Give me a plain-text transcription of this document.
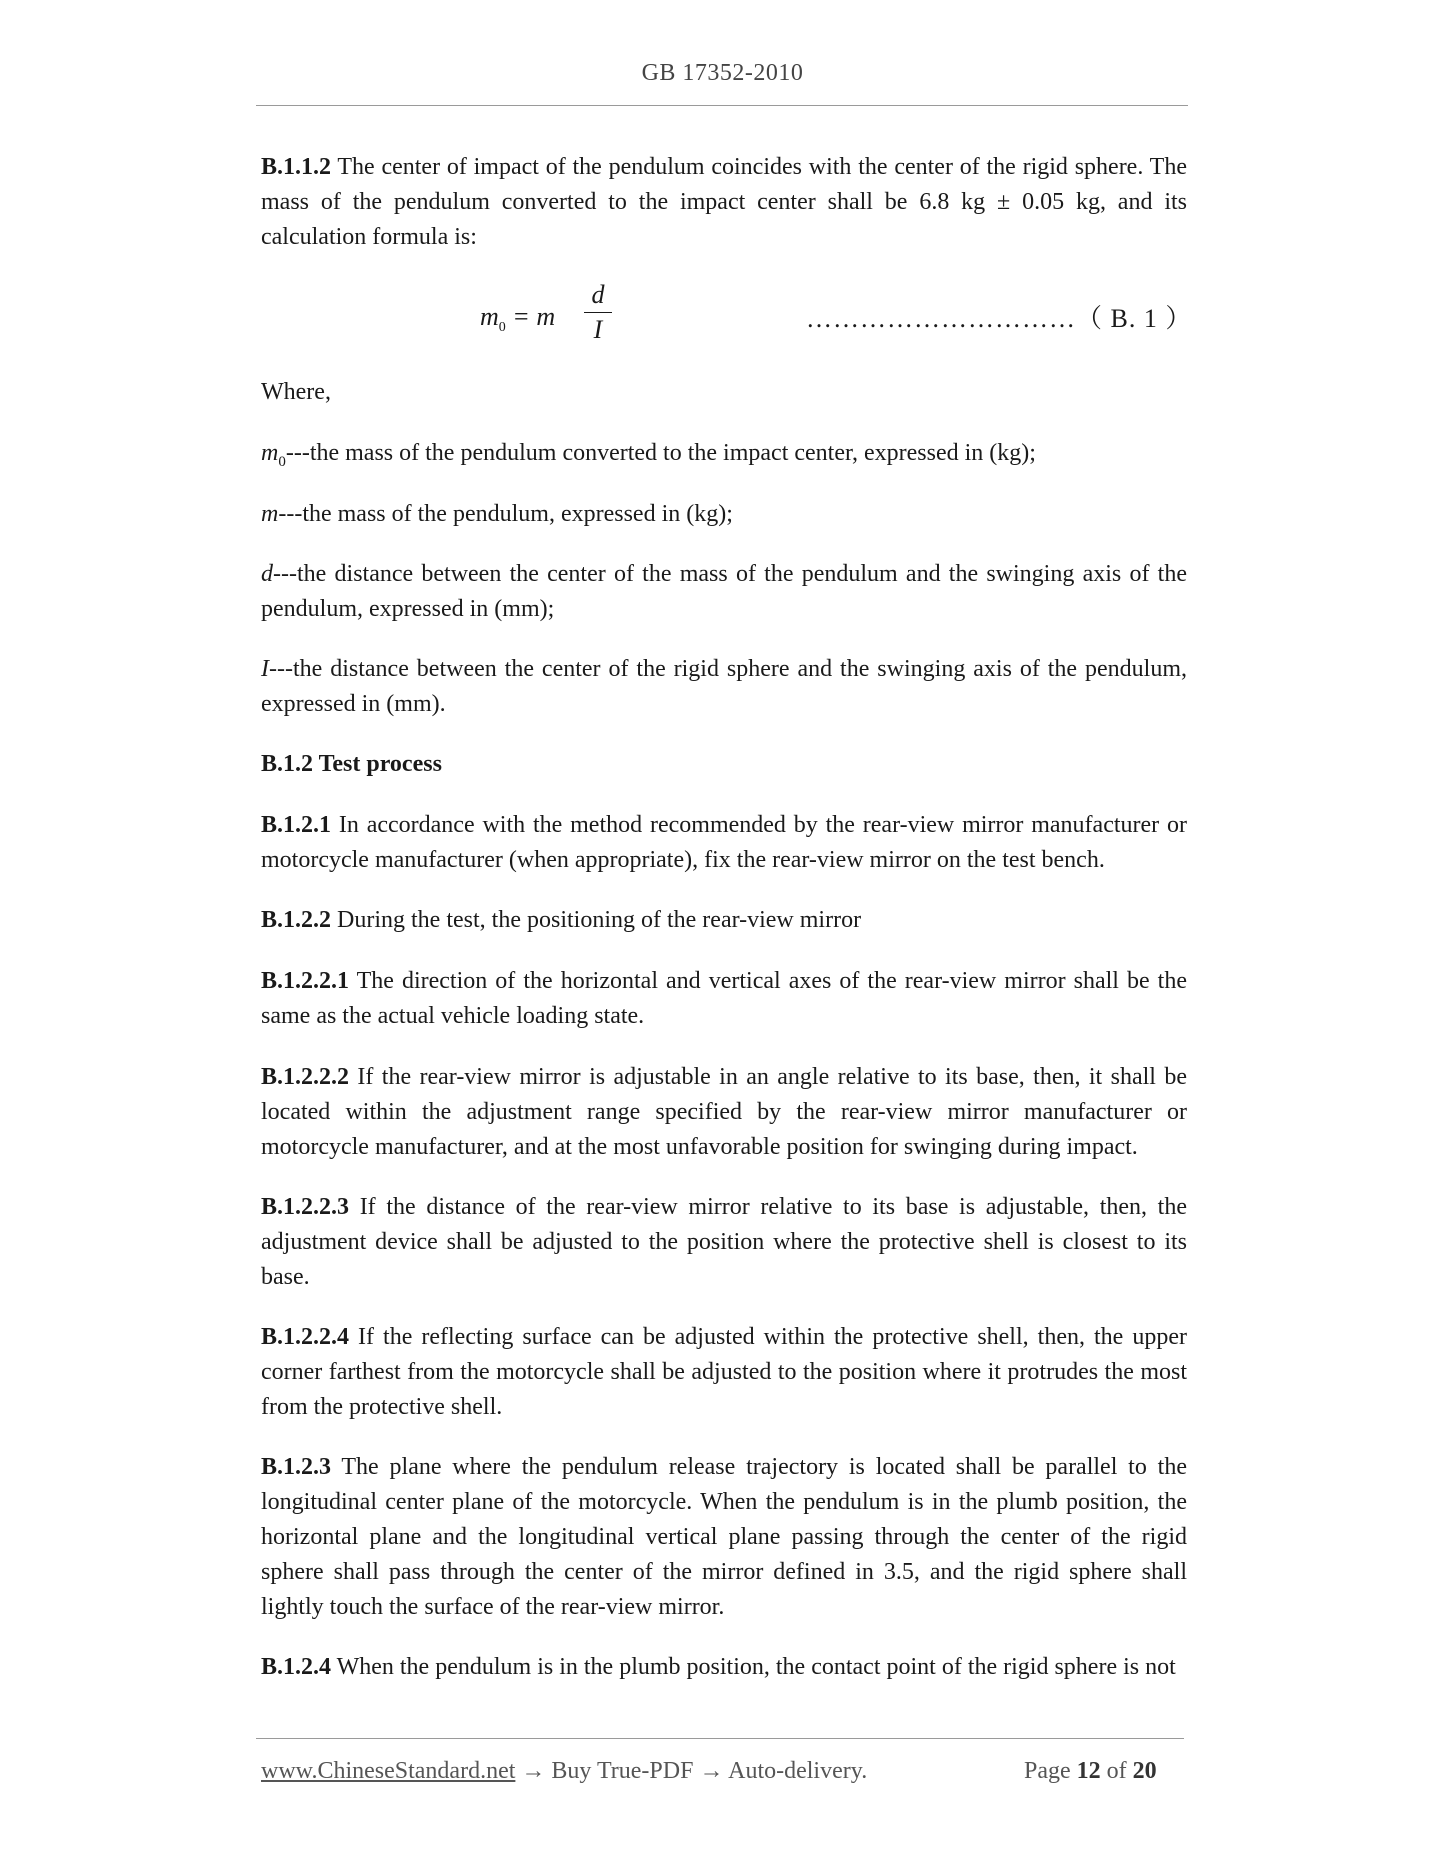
GB 17352-2010

B.1.1.2 The center of impact of the pendulum coincides with the center of the rigid sphere. The mass of the pendulum converted to the impact center shall be 6.8 kg ± 0.05 kg, and its calculation formula is:

$m_0 = m$
d
I	…………………………（ B. 1 ）

Where,

$m_0--$-the mass of the pendulum converted to the impact center, expressed in (kg);

m---the mass of the pendulum, expressed in (kg);

d---the distance between the center of the mass of the pendulum and the swinging axis of the pendulum, expressed in (mm);

I---the distance between the center of the rigid sphere and the swinging axis of the pendulum, expressed in (mm).

B.1.2 Test process

B.1.2.1 In accordance with the method recommended by the rear-view mirror manufacturer or motorcycle manufacturer (when appropriate), fix the rear-view mirror on the test bench.

B.1.2.2 During the test, the positioning of the rear-view mirror

B.1.2.2.1 The direction of the horizontal and vertical axes of the rear-view mirror shall be the same as the actual vehicle loading state.

B.1.2.2.2 If the rear-view mirror is adjustable in an angle relative to its base, then, it shall be located within the adjustment range specified by the rear-view mirror manufacturer or motorcycle manufacturer, and at the most unfavorable position for swinging during impact.

B.1.2.2.3 If the distance of the rear-view mirror relative to its base is adjustable, then, the adjustment device shall be adjusted to the position where the protective shell is closest to its base.

B.1.2.2.4 If the reflecting surface can be adjusted within the protective shell, then, the upper corner farthest from the motorcycle shall be adjusted to the position where it protrudes the most from the protective shell.

B.1.2.3 The plane where the pendulum release trajectory is located shall be parallel to the longitudinal center plane of the motorcycle. When the pendulum is in the plumb position, the horizontal plane and the longitudinal vertical plane passing through the center of the rigid sphere shall pass through the center of the mirror defined in 3.5, and the rigid sphere shall lightly touch the surface of the rear-view mirror.

B.1.2.4 When the pendulum is in the plumb position, the contact point of the rigid sphere is not

www.ChineseStandard.net → Buy True-PDF → Auto-delivery.	Page 12 of 20
